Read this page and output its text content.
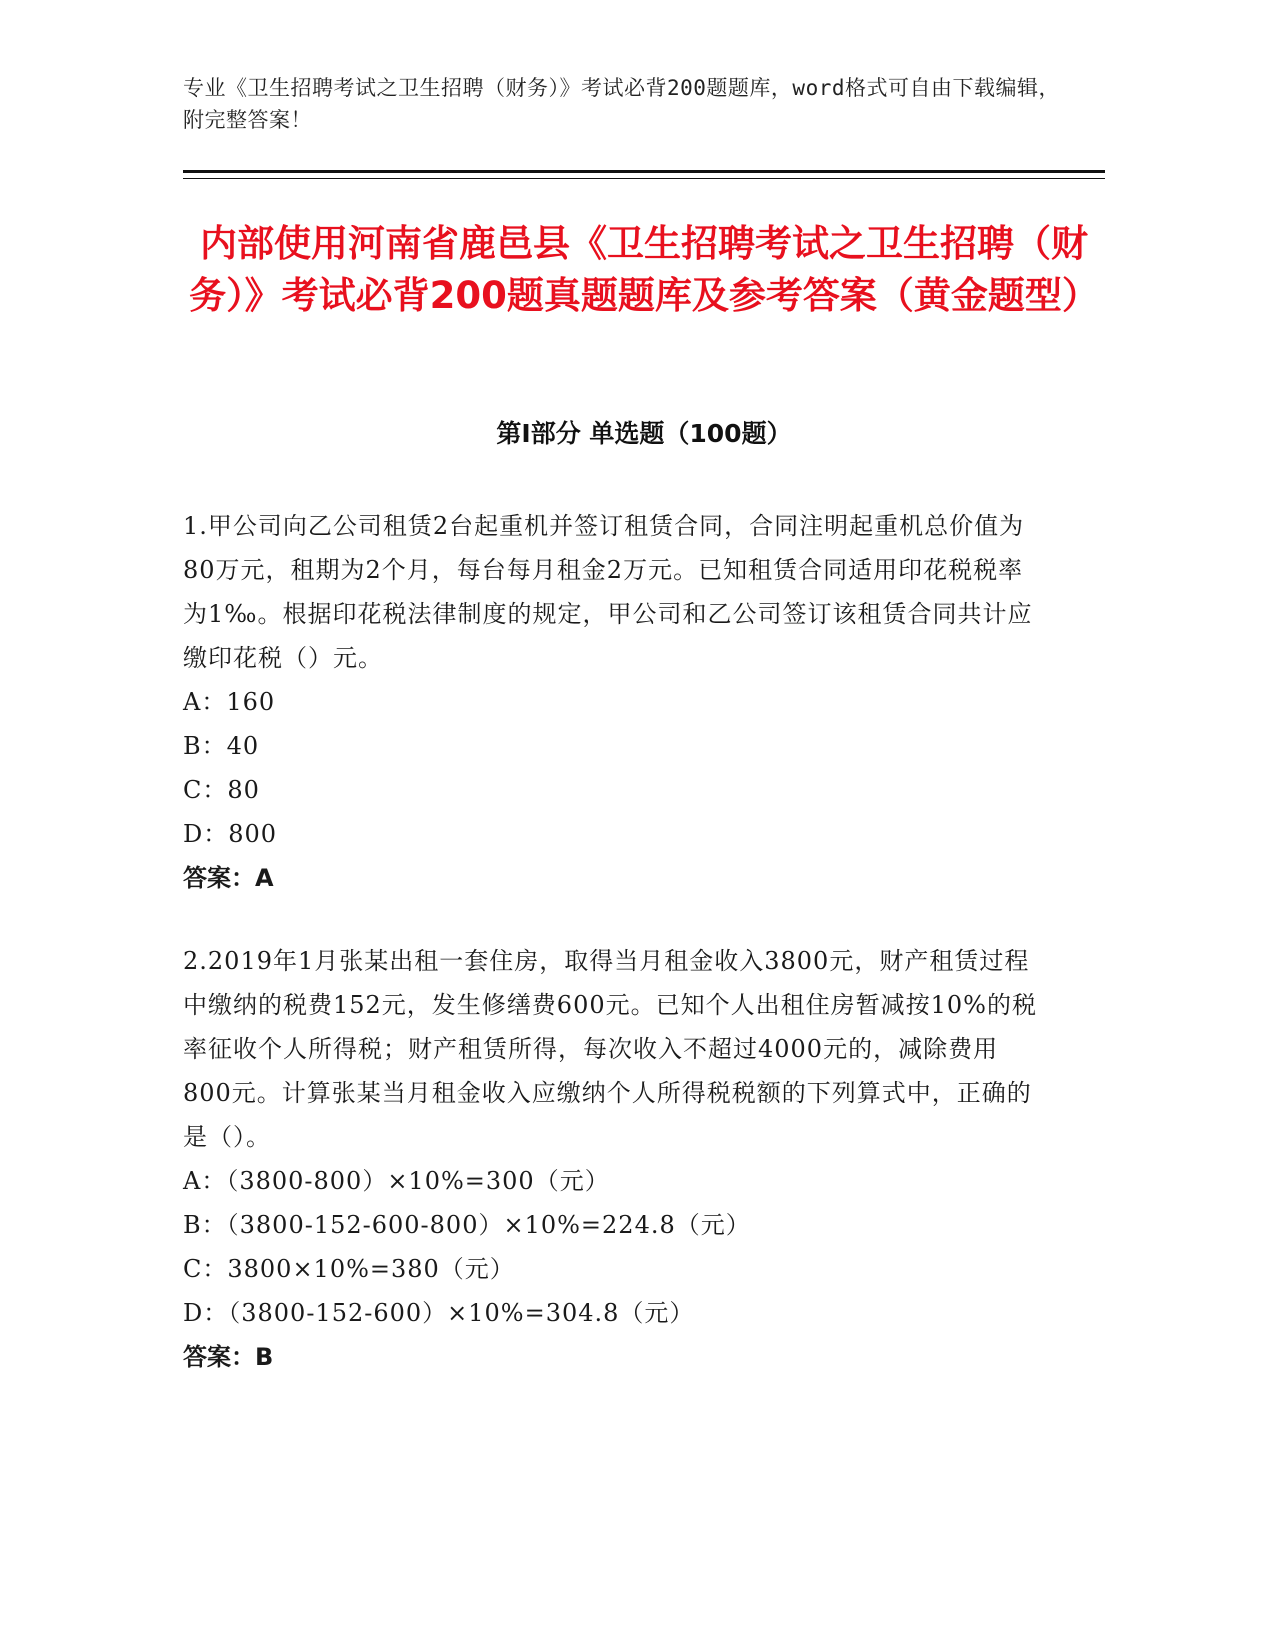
专业《卫生招聘考试之卫生招聘（财务）》考试必背200题题库，word格式可自由下载编辑，附完整答案！
内部使用河南省鹿邑县《卫生招聘考试之卫生招聘（财务）》考试必背200题真题题库及参考答案（黄金题型）
第Ⅰ部分 单选题（100题）

1.甲公司向乙公司租赁2台起重机并签订租赁合同，合同注明起重机总价值为80万元，租期为2个月，每台每月租金2万元。已知租赁合同适用印花税税率为1‰。根据印花税法律制度的规定，甲公司和乙公司签订该租赁合同共计应缴印花税（）元。

A：160

B：40

C：80

D：800

答案：A

2.2019年1月张某出租一套住房，取得当月租金收入3800元，财产租赁过程中缴纳的税费152元，发生修缮费600元。已知个人出租住房暂减按10%的税率征收个人所得税；财产租赁所得，每次收入不超过4000元的，减除费用800元。计算张某当月租金收入应缴纳个人所得税税额的下列算式中，正确的是（）。

A：（3800-800）×10%=300（元）

B：（3800-152-600-800）×10%=224.8（元）

C：3800×10%=380（元）

D：（3800-152-600）×10%=304.8（元）

答案：B
